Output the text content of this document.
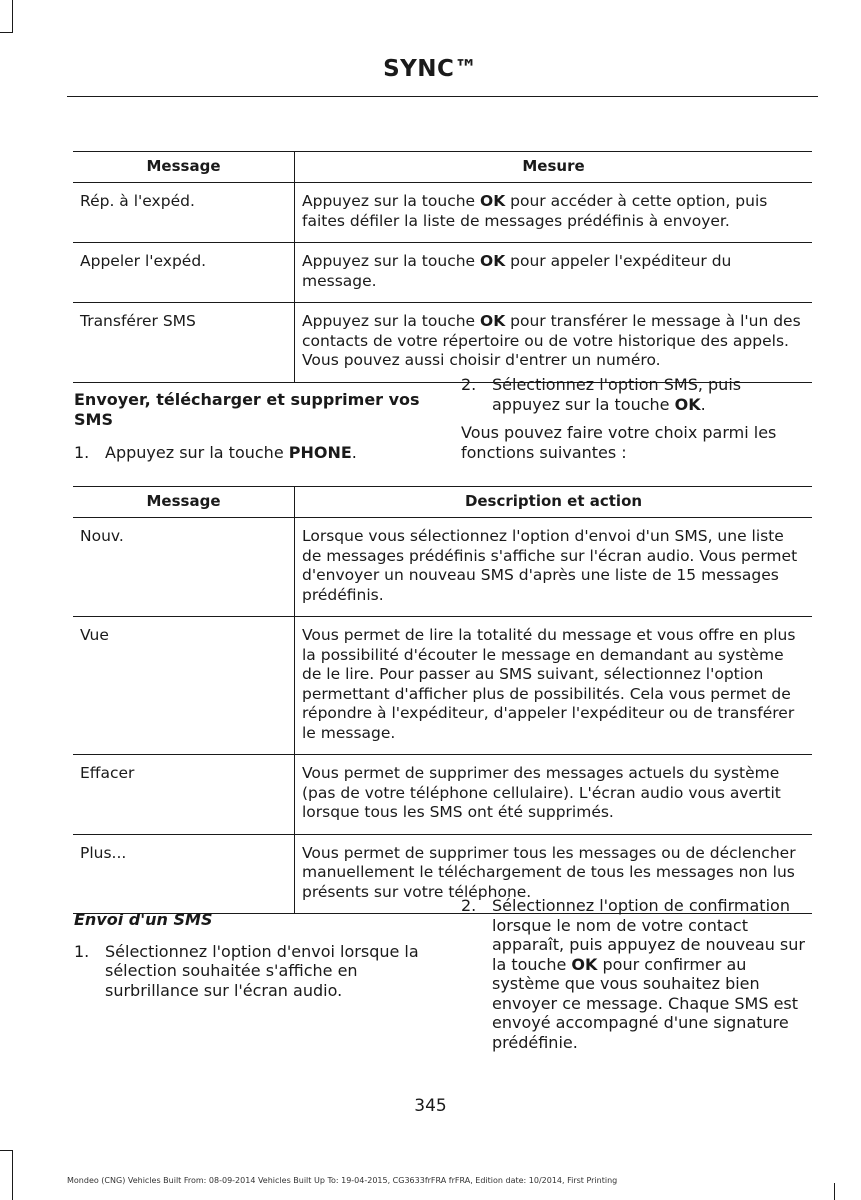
SYNC™
Message	Mesure
Rép. à l'expéd.	Appuyez sur la touche OK pour accéder à cette option, puis faites défiler la liste de messages prédéfinis à envoyer.
Appeler l'expéd.	Appuyez sur la touche OK pour appeler l'expéditeur du message.
Transférer SMS	Appuyez sur la touche OK pour transférer le message à l'un des contacts de votre répertoire ou de votre historique des appels. Vous pouvez aussi choisir d'entrer un numéro.
Envoyer, télécharger et supprimer vos SMS
1. Appuyez sur la touche PHONE.
2. Sélectionnez l'option SMS, puis appuyez sur la touche OK.

Vous pouvez faire votre choix parmi les fonctions suivantes :

Message	Description et action
Nouv.	Lorsque vous sélectionnez l'option d'envoi d'un SMS, une liste de messages prédéfinis s'affiche sur l'écran audio. Vous permet d'envoyer un nouveau SMS d'après une liste de 15 messages prédéfinis.
Vue	Vous permet de lire la totalité du message et vous offre en plus la possibilité d'écouter le message en demandant au système de le lire. Pour passer au SMS suivant, sélectionnez l'option permettant d'afficher plus de possibilités. Cela vous permet de répondre à l'expéditeur, d'appeler l'expéditeur ou de transférer le message.
Effacer	Vous permet de supprimer des messages actuels du système (pas de votre téléphone cellulaire). L'écran audio vous avertit lorsque tous les SMS ont été supprimés.
Plus...	Vous permet de supprimer tous les messages ou de déclencher manuellement le téléchargement de tous les messages non lus présents sur votre téléphone.
Envoi d'un SMS
1. Sélectionnez l'option d'envoi lorsque la sélection souhaitée s'affiche en surbrillance sur l'écran audio.
2. Sélectionnez l'option de confirmation lorsque le nom de votre contact apparaît, puis appuyez de nouveau sur la touche OK pour confirmer au système que vous souhaitez bien envoyer ce message. Chaque SMS est envoyé accompagné d'une signature prédéfinie.
345
Mondeo (CNG) Vehicles Built From: 08-09-2014 Vehicles Built Up To: 19-04-2015, CG3633frFRA frFRA, Edition date: 10/2014, First Printing
